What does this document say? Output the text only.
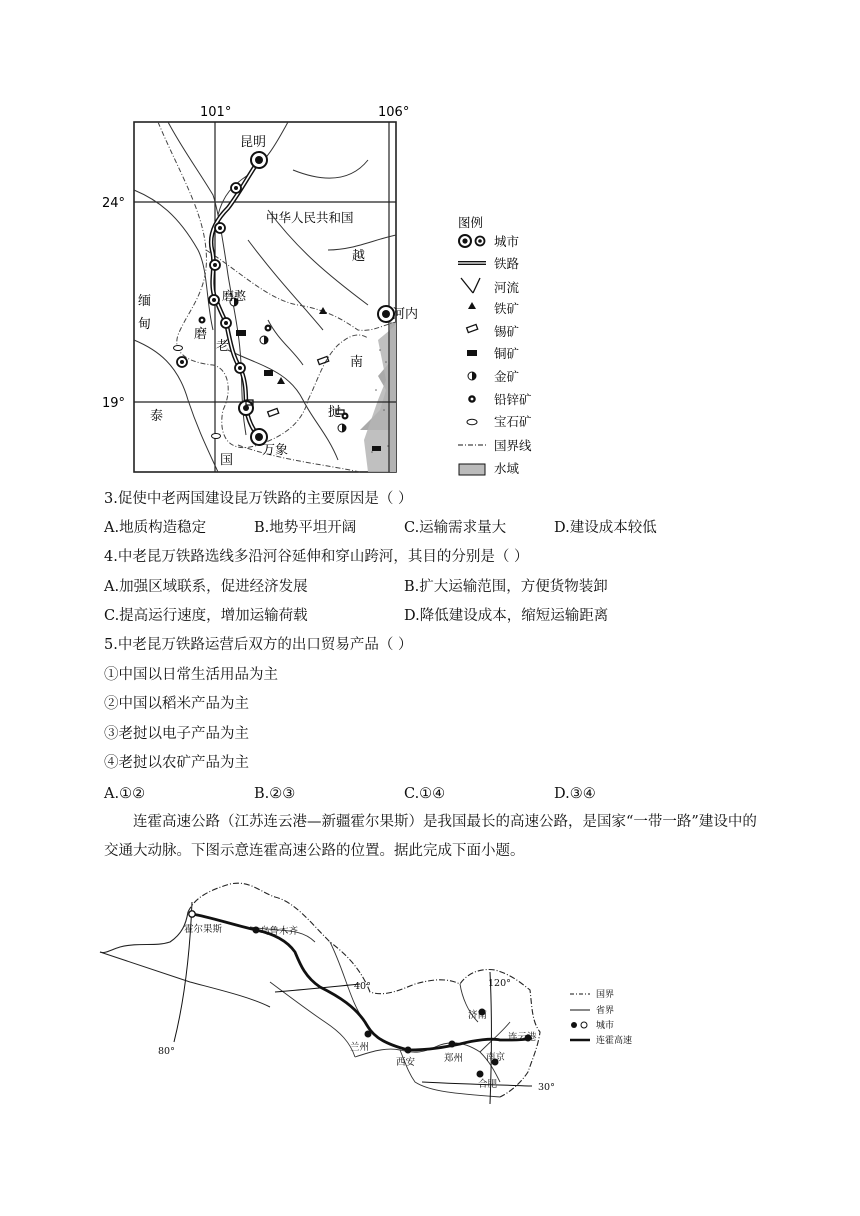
101°	106°
24°
19°
昆明
中华人民共和国
越
南
河内
缅
甸
磨憨
磨
老
挝
泰
国
万象
图例
城市
铁路
河流
铁矿
锡矿
铜矿
金矿
铅锌矿
宝石矿
国界线
水域
3.促使中老两国建设昆万铁路的主要原因是（ ）
A.地质构造稳定	B.地势平坦开阔	C.运输需求量大	D.建设成本较低
4.中老昆万铁路选线多沿河谷延伸和穿山跨河，其目的分别是（ ）
A.加强区域联系，促进经济发展	B.扩大运输范围，方便货物装卸
C.提高运行速度，增加运输荷载	D.降低建设成本，缩短运输距离
5.中老昆万铁路运营后双方的出口贸易产品（ ）
①中国以日常生活用品为主
②中国以稻米产品为主
③老挝以电子产品为主
④老挝以农矿产品为主
A.①②	B.②③	C.①④	D.③④
连霍高速公路（江苏连云港—新疆霍尔果斯）是我国最长的高速公路，是国家“一带一路”建设中的交通大动脉。下图示意连霍高速公路的位置。据此完成下面小题。
霍尔果斯	乌鲁木齐
兰州
西安	郑州
济南
连云港
南京
合肥
40°	120°
80°
30°
国界
省界
城市
连霍高速
